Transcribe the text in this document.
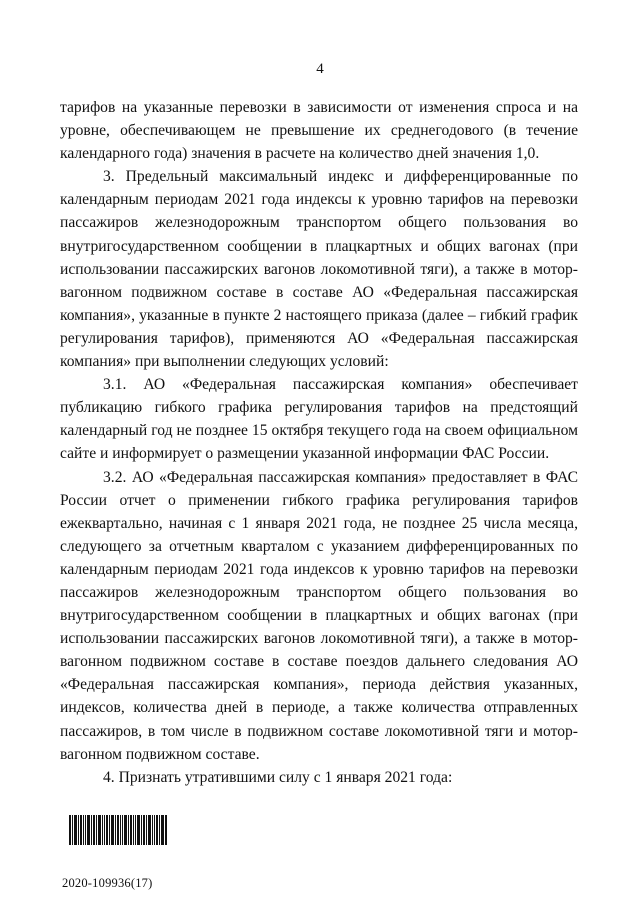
4

тарифов на указанные перевозки в зависимости от изменения спроса и на уровне, обеспечивающем не превышение их среднегодового (в течение календарного года) значения в расчете на количество дней значения 1,0.

3. Предельный максимальный индекс и дифференцированные по календарным периодам 2021 года индексы к уровню тарифов на перевозки пассажиров железнодорожным транспортом общего пользования во внутригосударственном сообщении в плацкартных и общих вагонах (при использовании пассажирских вагонов локомотивной тяги), а также в мотор-вагонном подвижном составе в составе АО «Федеральная пассажирская компания», указанные в пункте 2 настоящего приказа (далее – гибкий график регулирования тарифов), применяются АО «Федеральная пассажирская компания» при выполнении следующих условий:

3.1. АО «Федеральная пассажирская компания» обеспечивает публикацию гибкого графика регулирования тарифов на предстоящий календарный год не позднее 15 октября текущего года на своем официальном сайте и информирует о размещении указанной информации ФАС России.

3.2. АО «Федеральная пассажирская компания» предоставляет в ФАС России отчет о применении гибкого графика регулирования тарифов ежеквартально, начиная с 1 января 2021 года, не позднее 25 числа месяца, следующего за отчетным кварталом с указанием дифференцированных по календарным периодам 2021 года индексов к уровню тарифов на перевозки пассажиров железнодорожным транспортом общего пользования во внутригосударственном сообщении в плацкартных и общих вагонах (при использовании пассажирских вагонов локомотивной тяги), а также в мотор-вагонном подвижном составе в составе поездов дальнего следования АО «Федеральная пассажирская компания», периода действия указанных, индексов, количества дней в периоде, а также количества отправленных пассажиров, в том числе в подвижном составе локомотивной тяги и мотор-вагонном подвижном составе.

4. Признать утратившими силу с 1 января 2021 года:

2020-109936(17)
